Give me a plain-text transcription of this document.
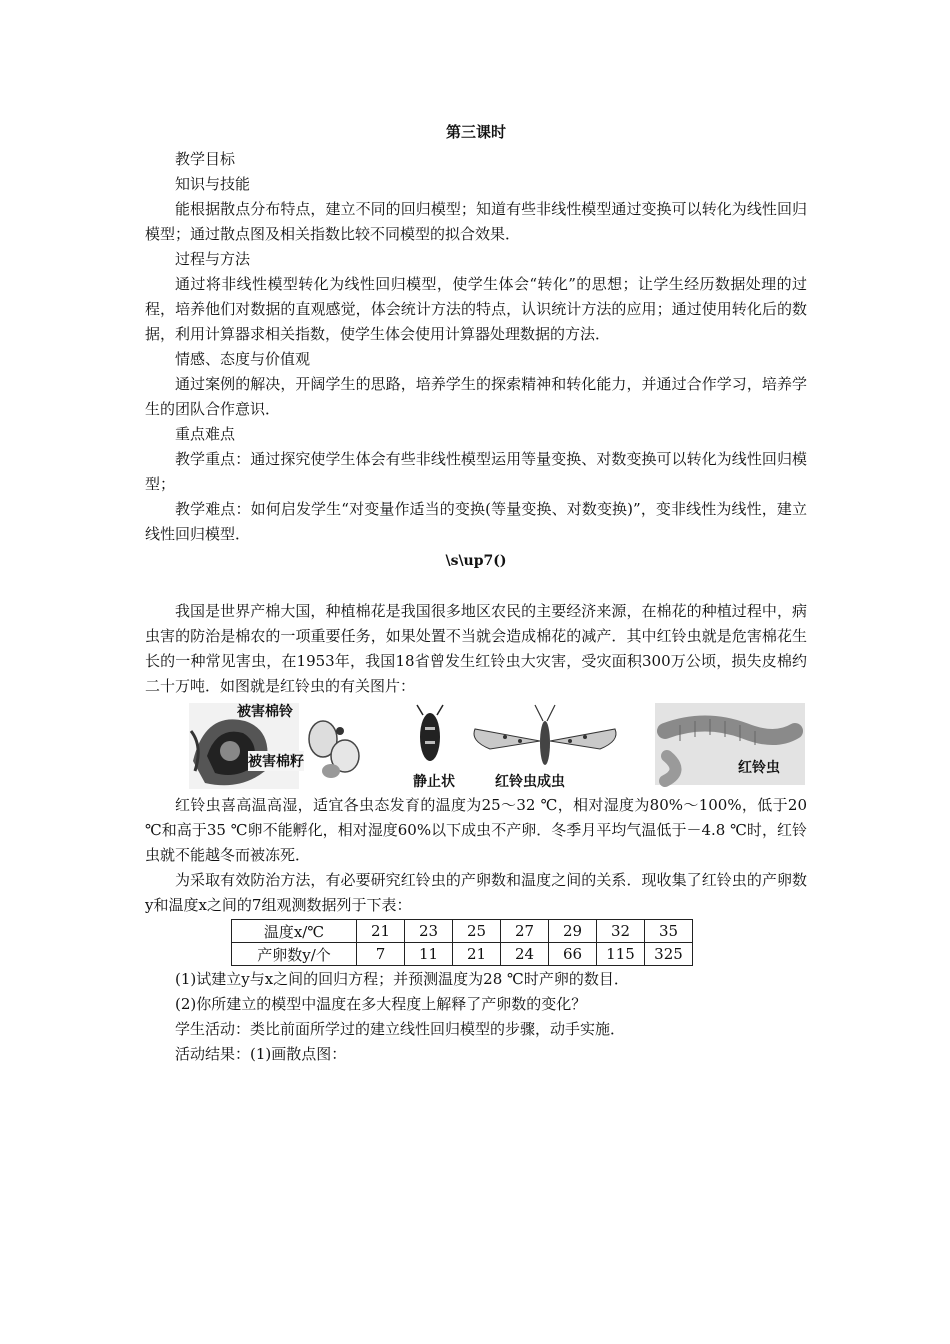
第三课时

教学目标

知识与技能

能根据散点分布特点，建立不同的回归模型；知道有些非线性模型通过变换可以转化为线性回归模型；通过散点图及相关指数比较不同模型的拟合效果．

过程与方法

通过将非线性模型转化为线性回归模型，使学生体会“转化”的思想；让学生经历数据处理的过程，培养他们对数据的直观感觉，体会统计方法的特点，认识统计方法的应用；通过使用转化后的数据，利用计算器求相关指数，使学生体会使用计算器处理数据的方法．

情感、态度与价值观

通过案例的解决，开阔学生的思路，培养学生的探索精神和转化能力，并通过合作学习，培养学生的团队合作意识．

重点难点

教学重点：通过探究使学生体会有些非线性模型运用等量变换、对数变换可以转化为线性回归模型；

教学难点：如何启发学生“对变量作适当的变换(等量变换、对数变换)”，变非线性为线性，建立线性回归模型．

\s\up7()

我国是世界产棉大国，种植棉花是我国很多地区农民的主要经济来源，在棉花的种植过程中，病虫害的防治是棉农的一项重要任务，如果处置不当就会造成棉花的减产．其中红铃虫就是危害棉花生长的一种常见害虫，在1953年，我国18省曾发生红铃虫大灾害，受灾面积300万公顷，损失皮棉约二十万吨．如图就是红铃虫的有关图片：

被害棉铃
被害棉籽
静止状	红铃虫成虫
红铃虫

红铃虫喜高温高湿，适宜各虫态发育的温度为25～32 ℃，相对湿度为80%～100%，低于20 ℃和高于35 ℃卵不能孵化，相对湿度60%以下成虫不产卵．冬季月平均气温低于－4.8 ℃时，红铃虫就不能越冬而被冻死．

为采取有效防治方法，有必要研究红铃虫的产卵数和温度之间的关系．现收集了红铃虫的产卵数y和温度x之间的7组观测数据列于下表：

温度x/℃	21	23	25	27	29	32	35
产卵数y/个	7	11	21	24	66	115	325

(1)试建立y与x之间的回归方程；并预测温度为28 ℃时产卵的数目．

(2)你所建立的模型中温度在多大程度上解释了产卵数的变化？

学生活动：类比前面所学过的建立线性回归模型的步骤，动手实施．

活动结果：(1)画散点图：
